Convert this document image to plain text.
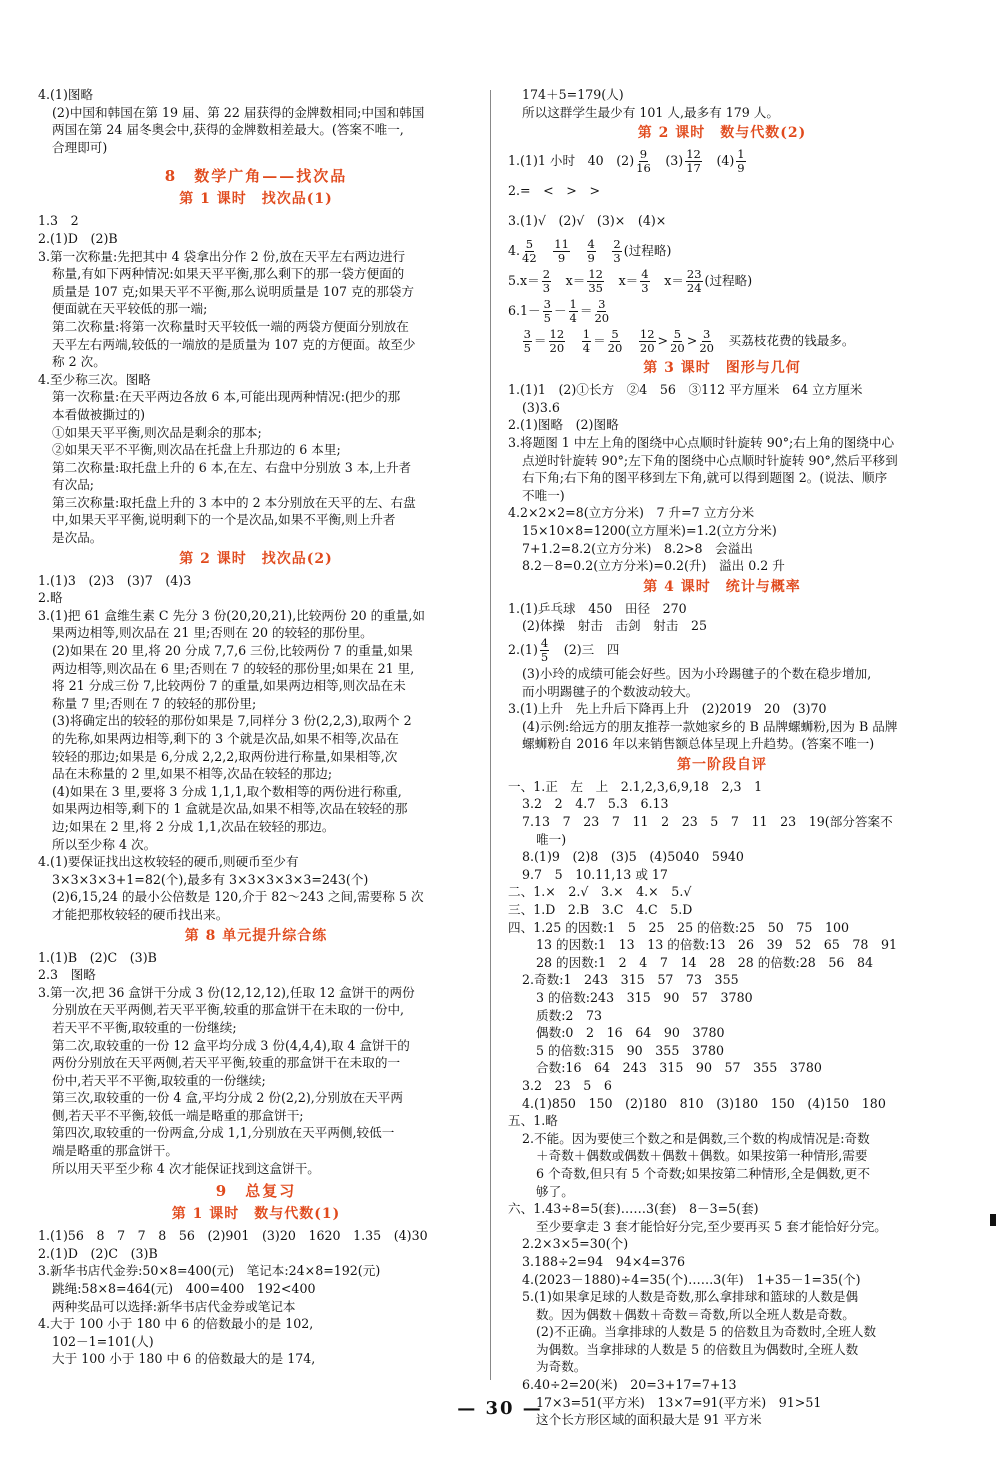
4.(1)图略
(2)中国和韩国在第 19 届、第 22 届获得的金牌数相同;中国和韩国
两国在第 24 届冬奥会中,获得的金牌数相差最大。(答案不唯一,
合理即可)
8　数学广角——找次品
第 1 课时　找次品(1)
1.3　2
2.(1)D　(2)B
3.第一次称量:先把其中 4 袋拿出分作 2 份,放在天平左右两边进行
称量,有如下两种情况:如果天平平衡,那么剩下的那一袋方便面的
质量是 107 克;如果天平不平衡,那么说明质量是 107 克的那袋方
便面就在天平较低的那一端;
第二次称量:将第一次称量时天平较低一端的两袋方便面分别放在
天平左右两端,较低的一端放的是质量为 107 克的方便面。故至少
称 2 次。
4.至少称三次。图略
第一次称量:在天平两边各放 6 本,可能出现两种情况:(把少的那
本看做被撕过的)
①如果天平平衡,则次品是剩余的那本;
②如果天平不平衡,则次品在托盘上升那边的 6 本里;
第二次称量:取托盘上升的 6 本,在左、右盘中分别放 3 本,上升者
有次品;
第三次称量:取托盘上升的 3 本中的 2 本分别放在天平的左、右盘
中,如果天平平衡,说明剩下的一个是次品,如果不平衡,则上升者
是次品。
第 2 课时　找次品(2)
1.(1)3　(2)3　(3)7　(4)3
2.略
3.(1)把 61 盒维生素 C 先分 3 份(20,20,21),比较两份 20 的重量,如
果两边相等,则次品在 21 里;否则在 20 的较轻的那份里。
(2)如果在 20 里,将 20 分成 7,7,6 三份,比较两份 7 的重量,如果
两边相等,则次品在 6 里;否则在 7 的较轻的那份里;如果在 21 里,
将 21 分成三份 7,比较两份 7 的重量,如果两边相等,则次品在未
称量 7 里;否则在 7 的较轻的那份里;
(3)将确定出的较轻的那份如果是 7,同样分 3 份(2,2,3),取两个 2
的先称,如果两边相等,剩下的 3 个就是次品,如果不相等,次品在
较轻的那边;如果是 6,分成 2,2,2,取两份进行称量,如果相等,次
品在未称量的 2 里,如果不相等,次品在较轻的那边;
(4)如果在 3 里,要将 3 分成 1,1,1,取个数相等的两份进行称重,
如果两边相等,剩下的 1 盒就是次品,如果不相等,次品在较轻的那
边;如果在 2 里,将 2 分成 1,1,次品在较轻的那边。
所以至少称 4 次。
4.(1)要保证找出这枚较轻的硬币,则硬币至少有
3×3×3×3+1=82(个),最多有 3×3×3×3×3=243(个)
(2)6,15,24 的最小公倍数是 120,介于 82～243 之间,需要称 5 次
才能把那枚较轻的硬币找出来。
第 8 单元提升综合练
1.(1)B　(2)C　(3)B
2.3　图略
3.第一次,把 36 盒饼干分成 3 份(12,12,12),任取 12 盒饼干的两份
分别放在天平两侧,若天平平衡,较重的那盒饼干在未取的一份中,
若天平不平衡,取较重的一份继续;
第二次,取较重的一份 12 盒平均分成 3 份(4,4,4),取 4 盒饼干的
两份分别放在天平两侧,若天平平衡,较重的那盒饼干在未取的一
份中,若天平不平衡,取较重的一份继续;
第三次,取较重的一份 4 盒,平均分成 2 份(2,2),分别放在天平两
侧,若天平不平衡,较低一端是略重的那盒饼干;
第四次,取较重的一份两盒,分成 1,1,分别放在天平两侧,较低一
端是略重的那盒饼干。
所以用天平至少称 4 次才能保证找到这盒饼干。
9　总复习
第 1 课时　数与代数(1)
1.(1)56　8　7　7　8　56　(2)901　(3)20　1620　1.35　(4)30
2.(1)D　(2)C　(3)B
3.新华书店代金券:50×8=400(元)　笔记本:24×8=192(元)
跳绳:58×8=464(元)　400=400　192<400
两种奖品可以选择:新华书店代金券或笔记本
4.大于 100 小于 180 中 6 的倍数最小的是 102,
102－1=101(人)
大于 100 小于 180 中 6 的倍数最大的是 174,
174＋5=179(人)
所以这群学生最少有 101 人,最多有 179 人。
第 2 课时　数与代数(2)
1.(1)1 小时　40　$(2) \frac{9}{16}$ 　$(3) \frac{12}{17}$ 　$(4) \frac{1}{9}$
2.=　<　>　>
3.(1)√　(2)√　(3)×　(4)×
4. $\frac{5}{42}$
　 $\frac{11}{9}$
　 $\frac{4}{9}$
　 $\frac{2}{3}$ (过程略)
$5.x= \frac{2}{3}$ 　$x= \frac{12}{35}$ 　$x= \frac{4}{3}$ 　$x= \frac{23}{24}$ (过程略)
$6.1- \frac{3}{5} - \frac{1}{4} = \frac{3}{20}$

$\frac{3}{5} = \frac{12}{20}$
　 $\frac{1}{4} = \frac{5}{20}$
　 $\frac{12}{20} > \frac{5}{20} > \frac{3}{20}$ 　买荔枝花费的钱最多。
第 3 课时　图形与几何
1.(1)1　(2)①长方　②4　56　③112 平方厘米　64 立方厘米
(3)3.6
2.(1)图略　(2)图略
3.将题图 1 中左上角的图绕中心点顺时针旋转 90°;右上角的图绕中心
点逆时针旋转 90°;左下角的图绕中心点顺时针旋转 90°,然后平移到
右下角;右下角的图平移到左下角,就可以得到题图 2。(说法、顺序
不唯一)
4.2×2×2=8(立方分米)　7 升=7 立方分米
15×10×8=1200(立方厘米)=1.2(立方分米)
7+1.2=8.2(立方分米)　8.2>8　会溢出
8.2－8=0.2(立方分米)=0.2(升)　溢出 0.2 升
第 4 课时　统计与概率
1.(1)乒乓球　450　田径　270
(2)体操　射击　击剑　射击　25
$2.(1) \frac{4}{5}$ 　(2)三　四
(3)小玲的成绩可能会好些。因为小玲踢毽子的个数在稳步增加,
而小明踢毽子的个数波动较大。
3.(1)上升　先上升后下降再上升　(2)2019　20　(3)70
(4)示例:给远方的朋友推荐一款她家乡的 B 品牌螺蛳粉,因为 B 品牌
螺蛳粉自 2016 年以来销售额总体呈现上升趋势。(答案不唯一)
第一阶段自评
一、1.正　左　上　2.1,2,3,6,9,18　2,3　1
3.2　2　4.7　5.3　6.13
7.13　7　23　7　11　2　23　5　7　11　23　19(部分答案不
唯一)
8.(1)9　(2)8　(3)5　(4)5040　5940
9.7　5　10.11,13 或 17
二、1.×　2.√　3.×　4.×　5.√
三、1.D　2.B　3.C　4.C　5.D
四、1.25 的因数:1　5　25　25 的倍数:25　50　75　100
13 的因数:1　13　13 的倍数:13　26　39　52　65　78　91
28 的因数:1　2　4　7　14　28　28 的倍数:28　56　84
2.奇数:1　243　315　57　73　355
3 的倍数:243　315　90　57　3780
质数:2　73
偶数:0　2　16　64　90　3780
5 的倍数:315　90　355　3780
合数:16　64　243　315　90　57　355　3780
3.2　23　5　6
4.(1)850　150　(2)180　810　(3)180　150　(4)150　180
五、1.略
2.不能。因为要使三个数之和是偶数,三个数的构成情况是:奇数
＋奇数＋偶数或偶数＋偶数＋偶数。如果按第一种情形,需要
6 个奇数,但只有 5 个奇数;如果按第二种情形,全是偶数,更不
够了。
六、1.43÷8=5(套)……3(套)　8－3=5(套)
至少要拿走 3 套才能恰好分完,至少要再买 5 套才能恰好分完。
2.2×3×5=30(个)
3.188÷2=94　94×4=376
4.(2023－1880)÷4=35(个)……3(年)　1+35－1=35(个)
5.(1)如果拿足球的人数是奇数,那么拿排球和篮球的人数是偶
数。因为偶数＋偶数＋奇数＝奇数,所以全班人数是奇数。
(2)不正确。当拿排球的人数是 5 的倍数且为奇数时,全班人数
为偶数。当拿排球的人数是 5 的倍数且为偶数时,全班人数
为奇数。
6.40÷2=20(米)　20=3+17=7+13
17×3=51(平方米)　13×7=91(平方米)　91>51
这个长方形区域的面积最大是 91 平方米
— 30 —
